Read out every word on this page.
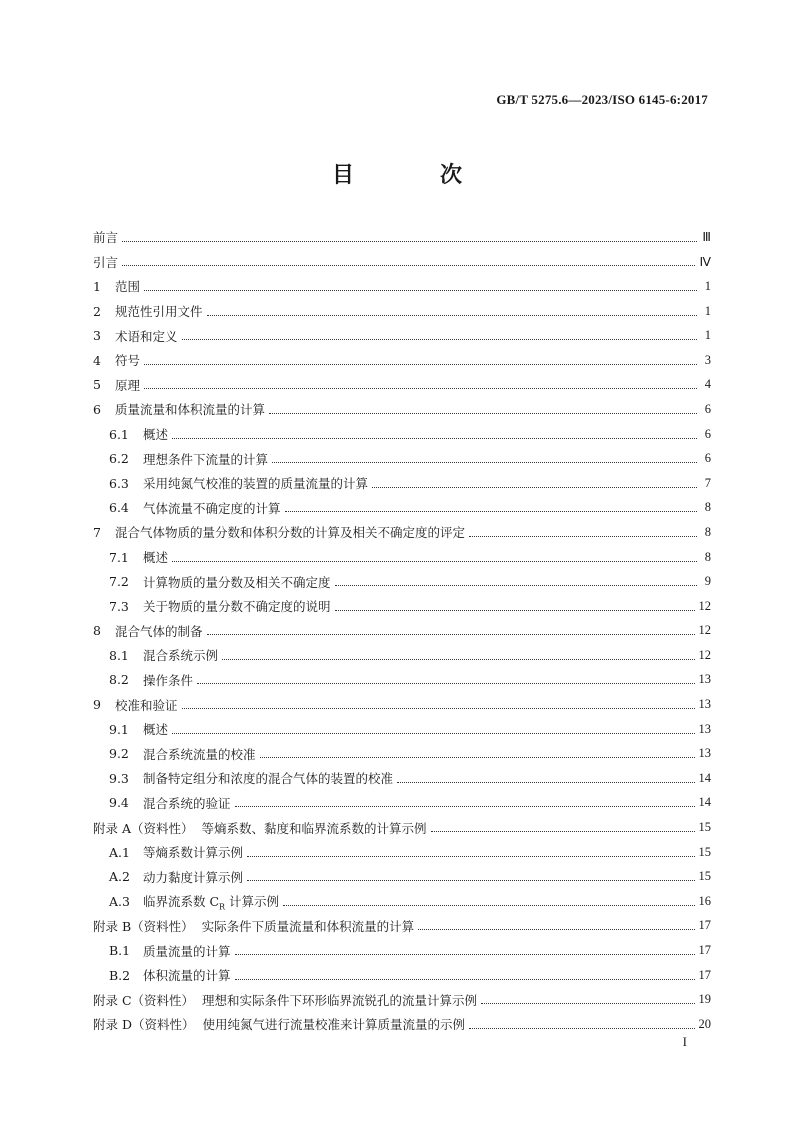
GB/T 5275.6—2023/ISO 6145-6:2017
目　次
前言	Ⅲ
引言	Ⅳ
1	范围	1
2	规范性引用文件	1
3	术语和定义	1
4	符号	3
5	原理	4
6	质量流量和体积流量的计算	6
6.1	概述	6
6.2	理想条件下流量的计算	6
6.3	采用纯氮气校准的装置的质量流量的计算	7
6.4	气体流量不确定度的计算	8
7	混合气体物质的量分数和体积分数的计算及相关不确定度的评定	8
7.1	概述	8
7.2	计算物质的量分数及相关不确定度	9
7.3	关于物质的量分数不确定度的说明	12
8	混合气体的制备	12
8.1	混合系统示例	12
8.2	操作条件	13
9	校准和验证	13
9.1	概述	13
9.2	混合系统流量的校准	13
9.3	制备特定组分和浓度的混合气体的装置的校准	14
9.4	混合系统的验证	14
附录 A（资料性） 等熵系数、黏度和临界流系数的计算示例	15
A.1	等熵系数计算示例	15
A.2	动力黏度计算示例	15
A.3	临界流系数 $C_R$ 计算示例	16
附录 B（资料性） 实际条件下质量流量和体积流量的计算	17
B.1	质量流量的计算	17
B.2	体积流量的计算	17
附录 C（资料性） 理想和实际条件下环形临界流锐孔的流量计算示例	19
附录 D（资料性） 使用纯氮气进行流量校准来计算质量流量的示例	20
I
